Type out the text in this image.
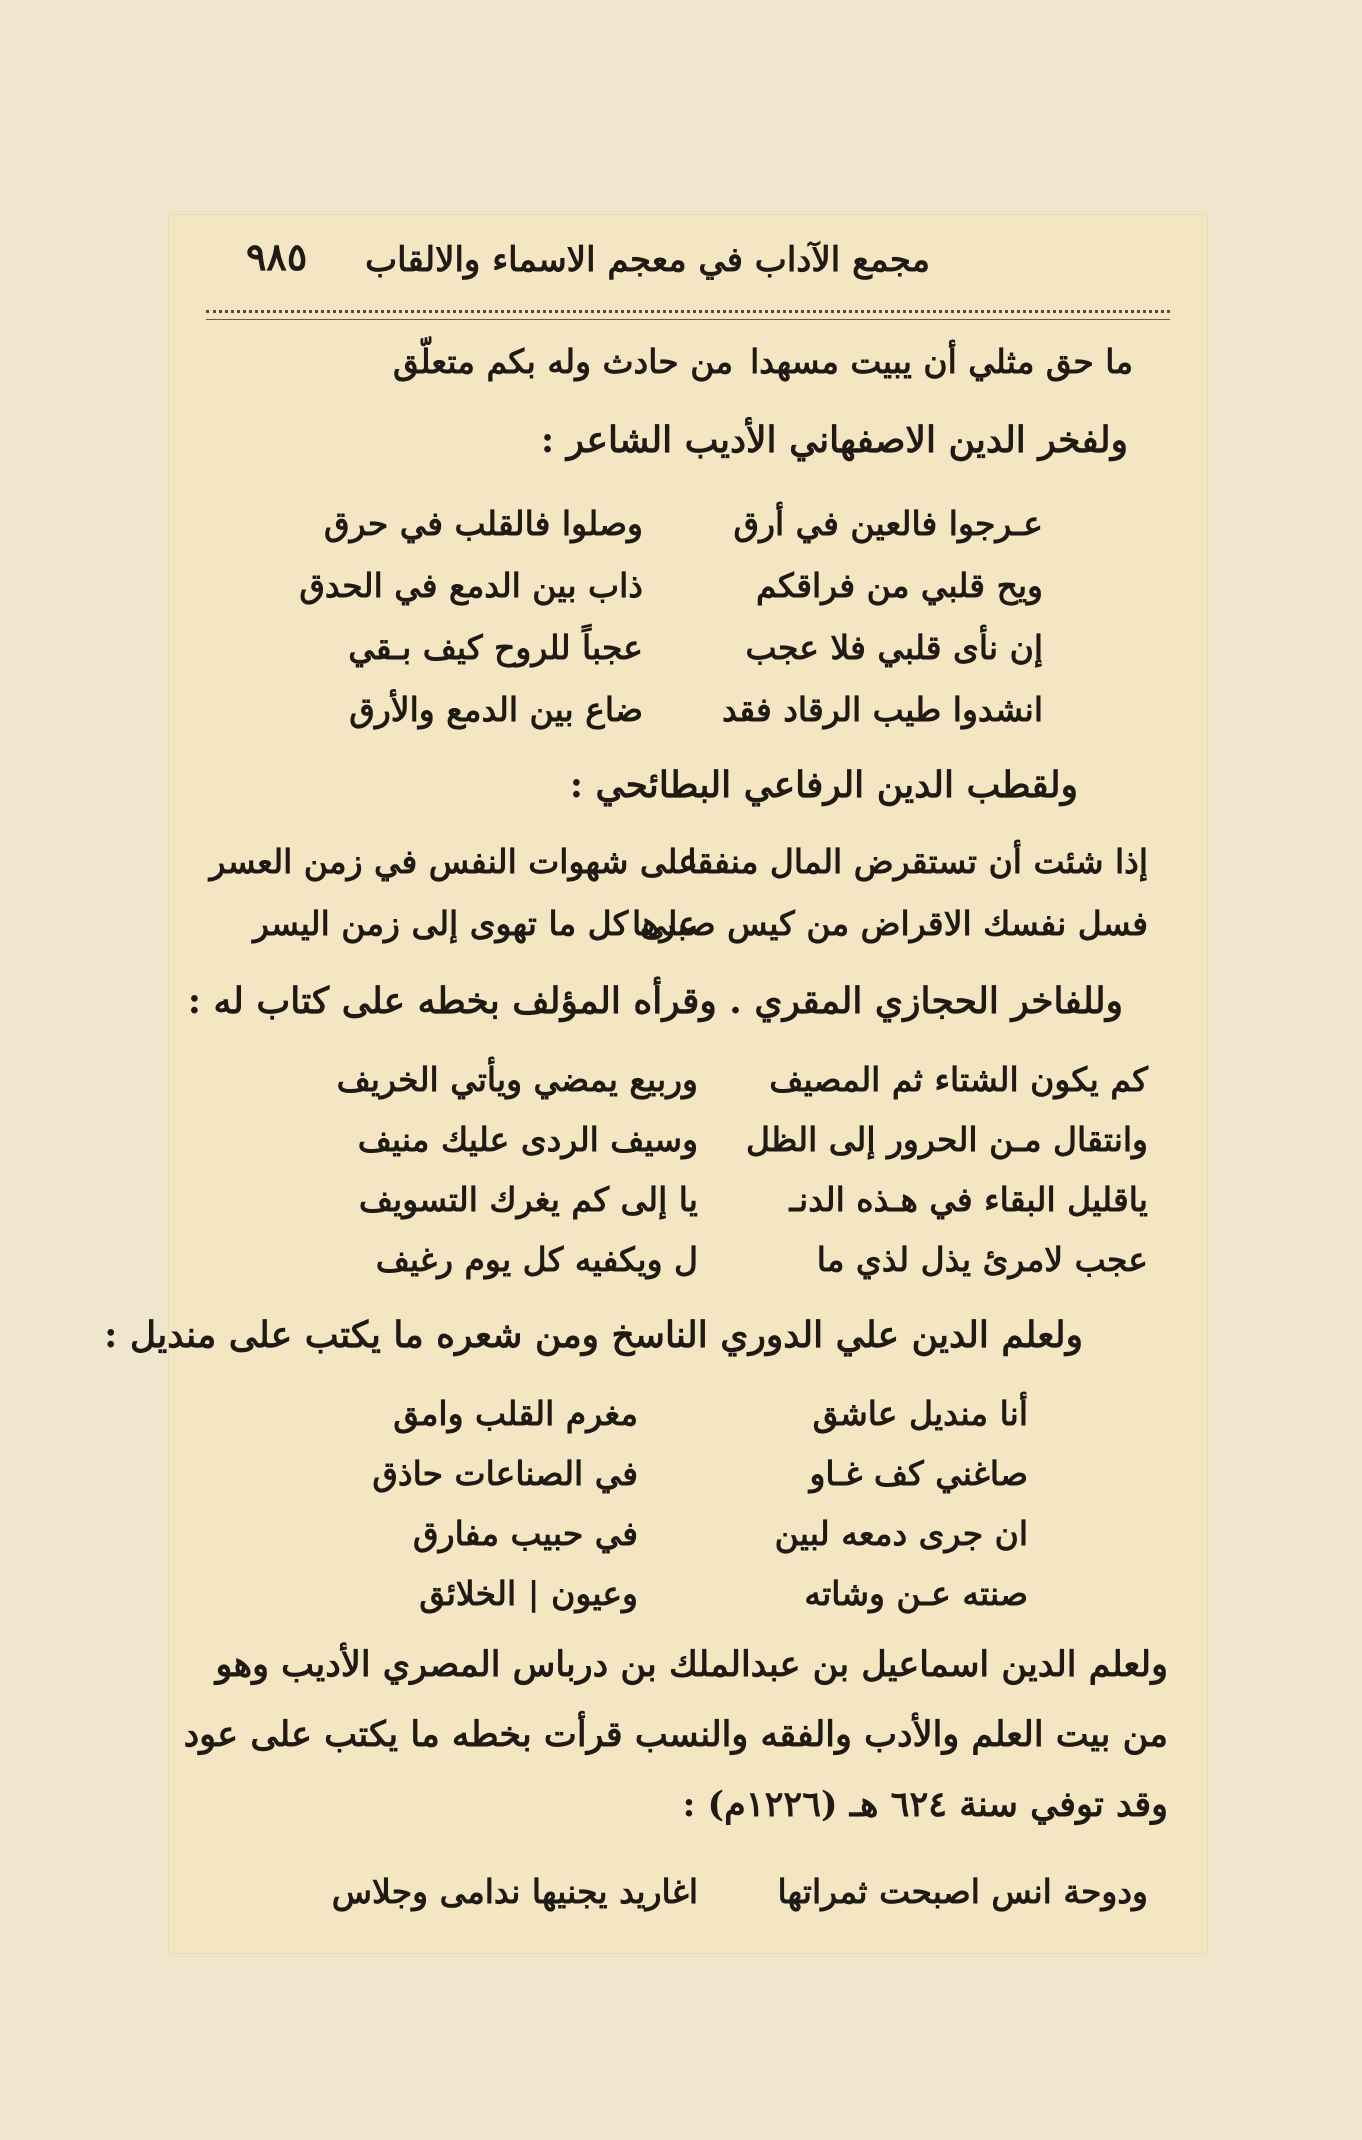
مجمع الآداب في معجم الاسماء والالقاب
٩٨٥
ما حق مثلي أن يبيت مسهدا
من حادث وله بكم متعلّق
ولفخر الدين الاصفهاني الأديب الشاعر :
عـرجوا فالعين في أرق
وصلوا فالقلب في حرق
ويح قلبي من فراقكم
ذاب بين الدمع في الحدق
إن نأى قلبي فلا عجب
عجباً للروح كيف بـقي
انشدوا طيب الرقاد فقد
ضاع بين الدمع والأرق
ولقطب الدين الرفاعي البطائحي :
إذا شئت أن تستقرض المال منفقا
على شهوات النفس في زمن العسر
فسل نفسك الاقراض من كيس صبرها
على كل ما تهوى إلى زمن اليسر
وللفاخر الحجازي المقري . وقرأه المؤلف بخطه على كتاب له :
كم يكون الشتاء ثم المصيف
وربيع يمضي ويأتي الخريف
وانتقال مـن الحرور إلى الظل
وسيف الردى عليك منيف
ياقليل البقاء في هـذه الدنـ
يا إلى كم يغرك التسويف
عجب لامرئ يذل لذي ما
ل ويكفيه كل يوم رغيف
ولعلم الدين علي الدوري الناسخ ومن شعره ما يكتب على منديل :
أنا منديل عاشق
مغرم القلب وامق
صاغني كف غـاو
في الصناعات حاذق
ان جرى دمعه لبين
في حبيب مفارق
صنته عـن وشاته
وعيون | الخلائق
ولعلم الدين اسماعيل بن عبدالملك بن درباس المصري الأديب وهو
من بيت العلم والأدب والفقه والنسب قرأت بخطه ما يكتب على عود
وقد توفي سنة ٦٢٤ هـ (١٢٢٦م) :
ودوحة انس اصبحت ثمراتها
اغاريد يجنيها ندامى وجلاس
